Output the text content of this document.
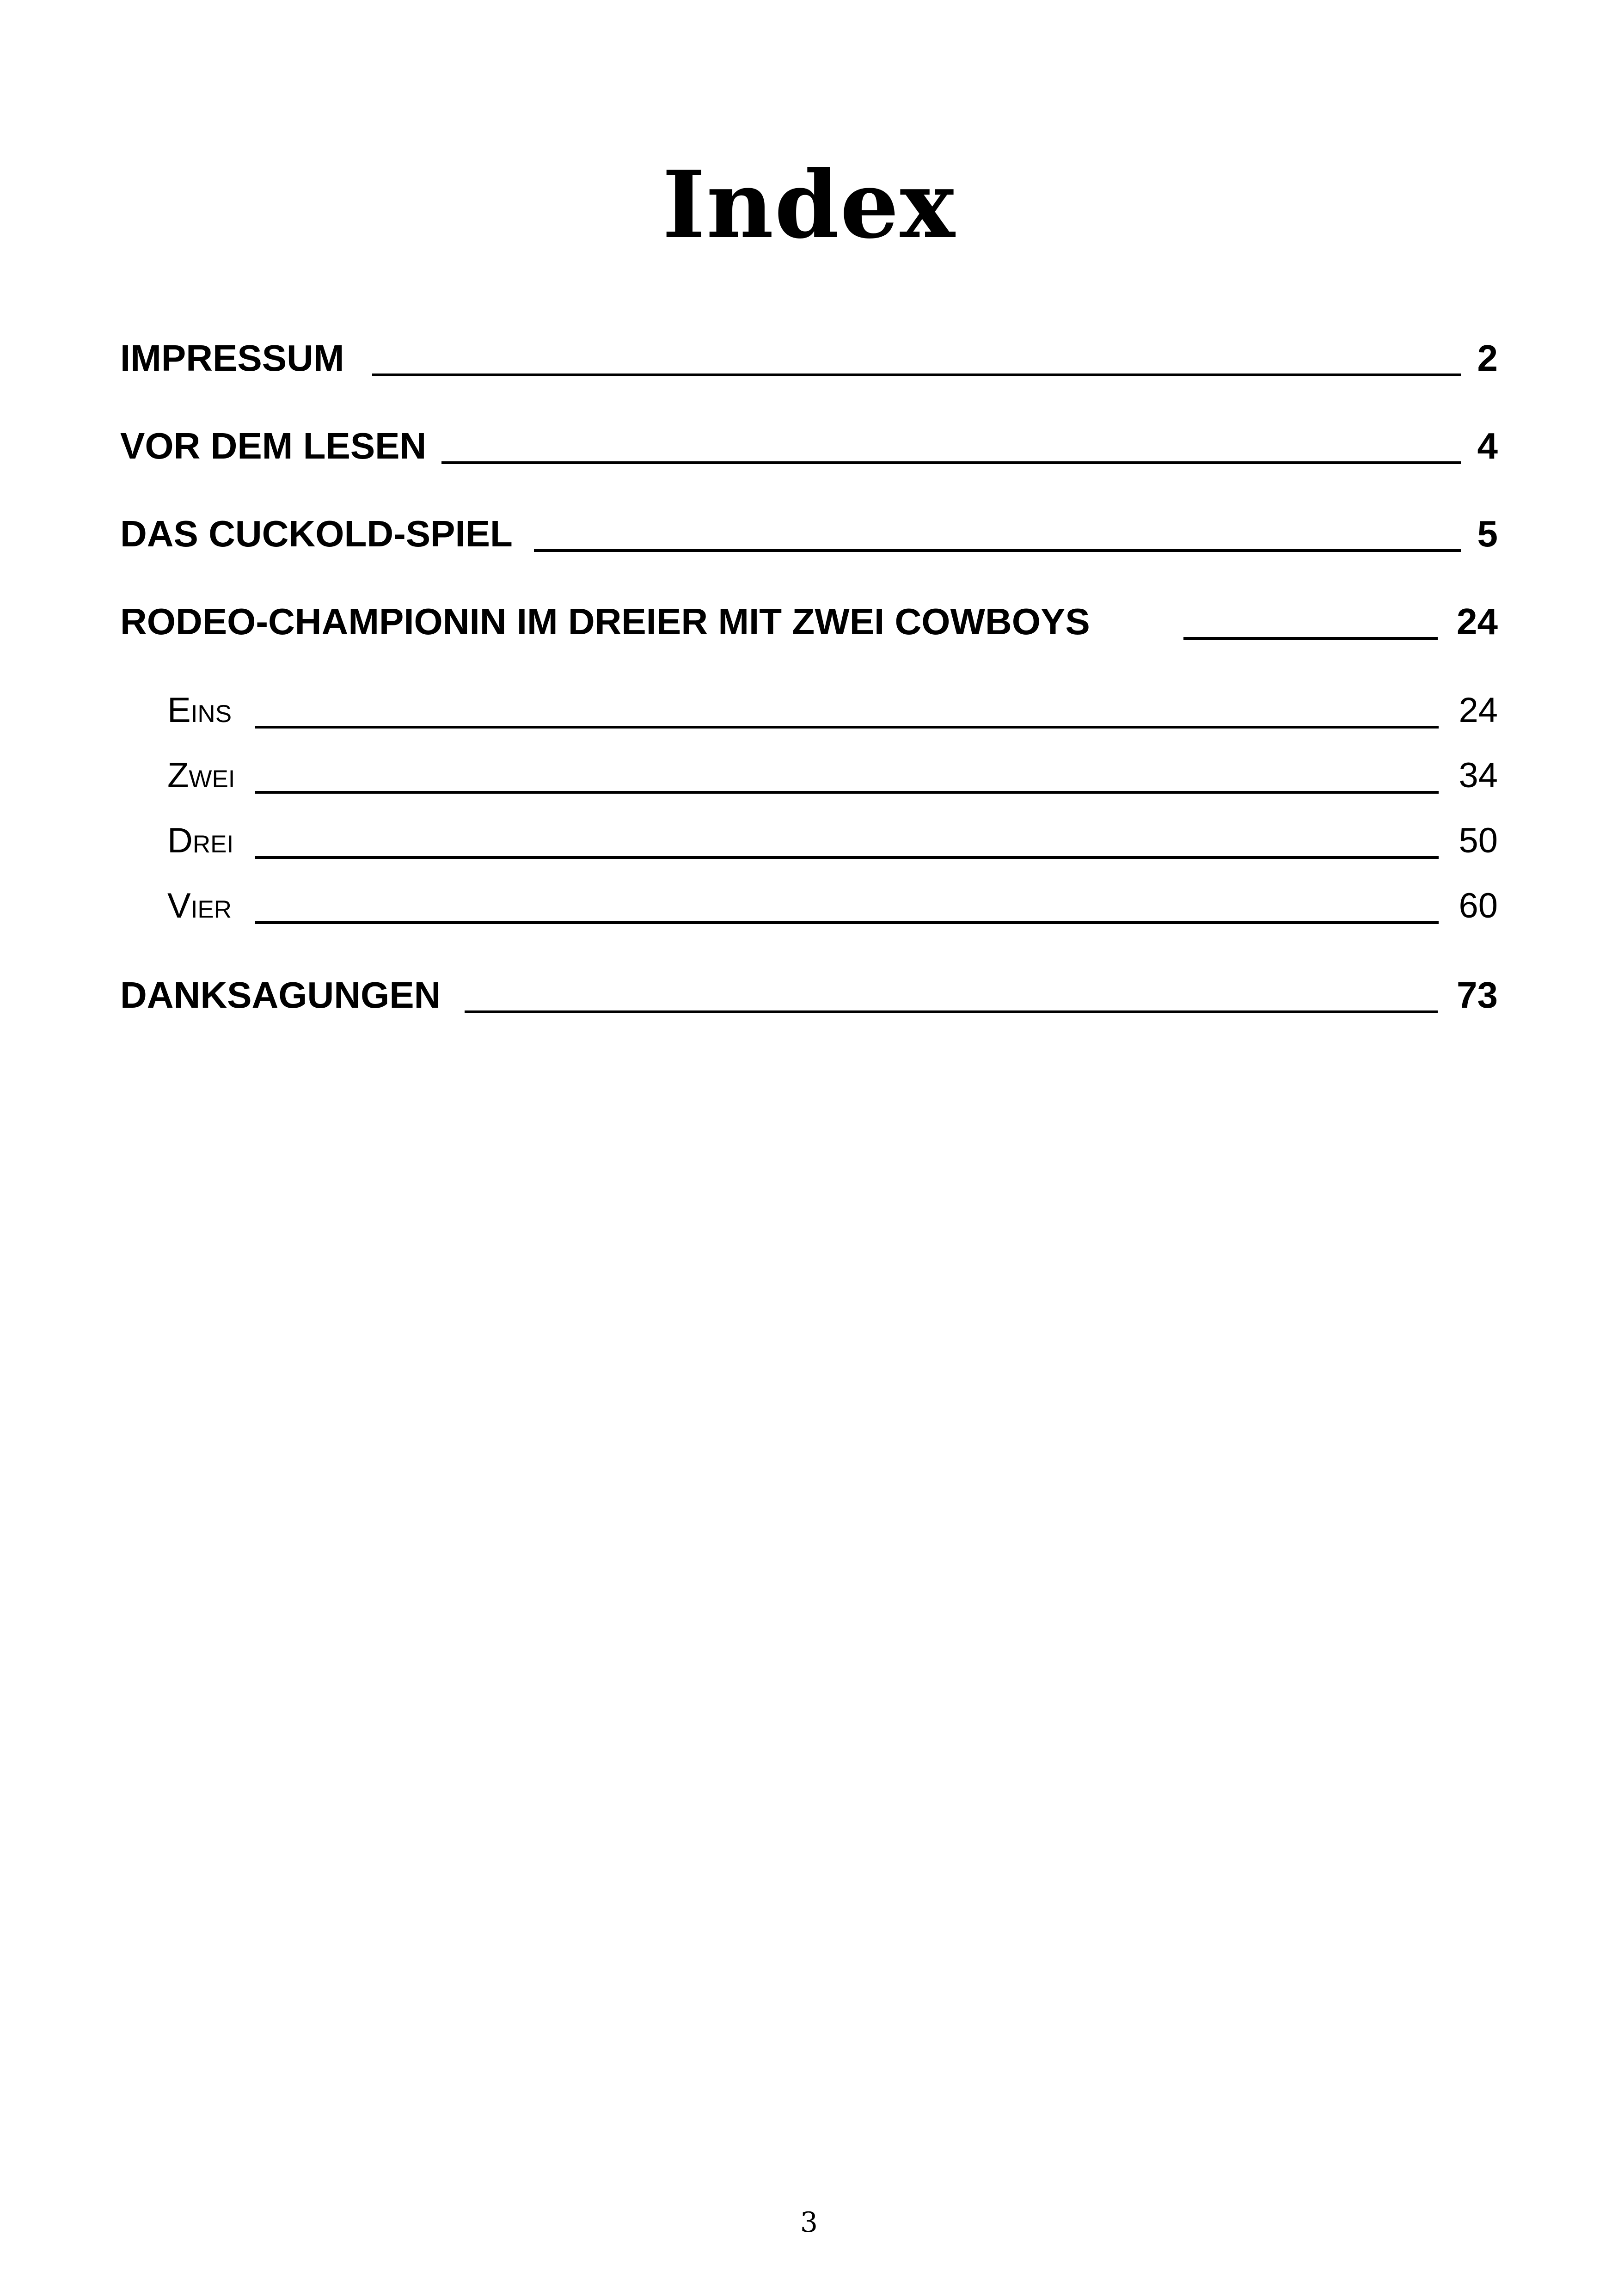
Index
IMPRESSUM	2
VOR DEM LESEN	4
DAS CUCKOLD-SPIEL	5
RODEO-CHAMPIONIN IM DREIER MIT ZWEI COWBOYS	24
Eins	24
Zwei	34
Drei	50
Vier	60
DANKSAGUNGEN	73
3
